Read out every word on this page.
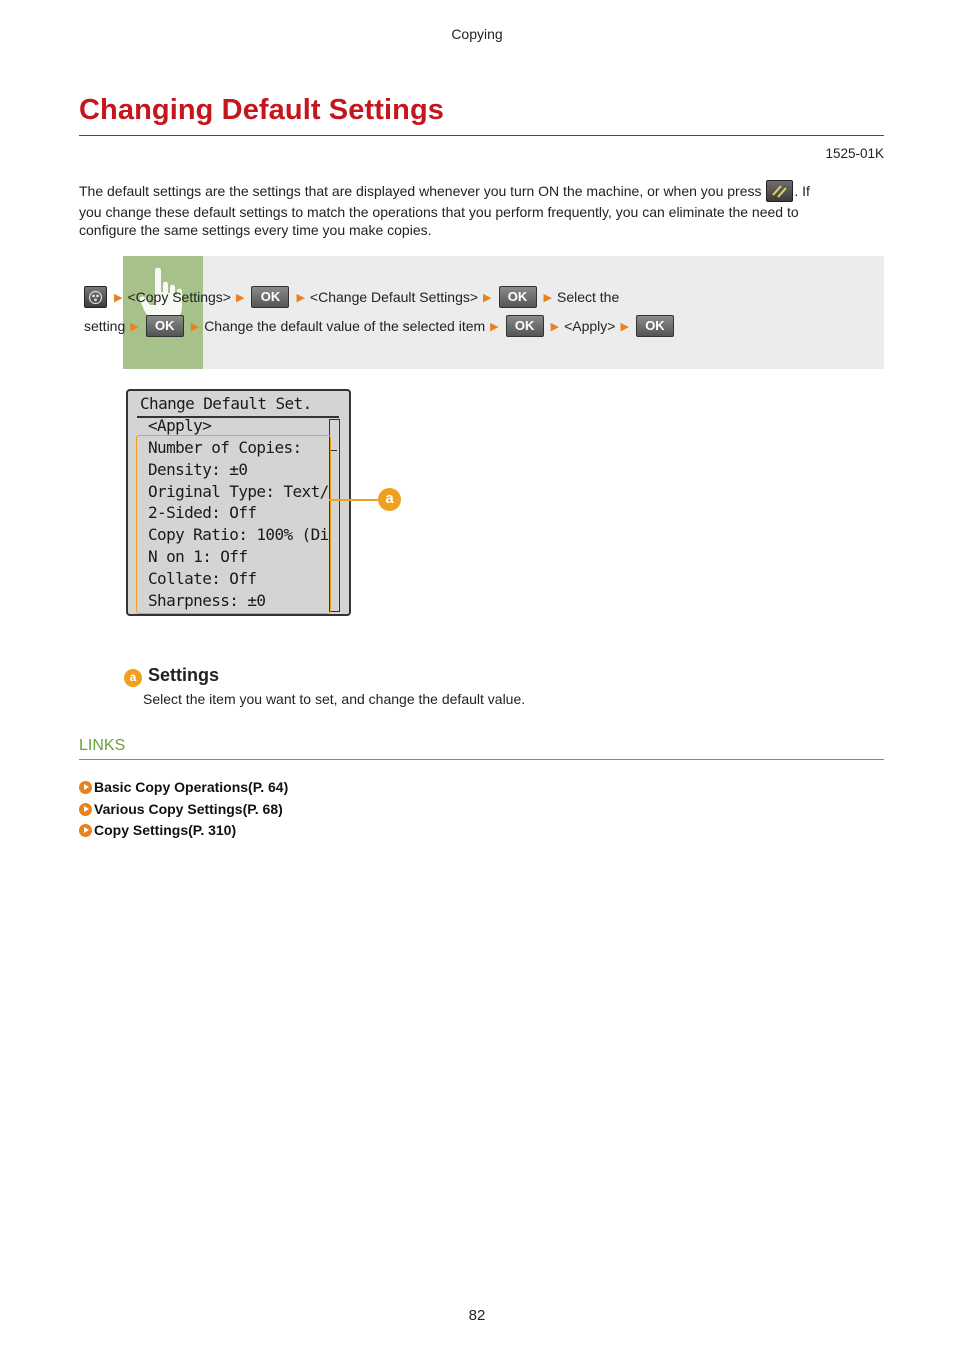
Copying
Changing Default Settings
1525-01K
The default settings are the settings that are displayed whenever you turn ON the machine, or when you press . If
you change these default settings to match the operations that you perform frequently, you can eliminate the need to
configure the same settings every time you make copies.
▶ <Copy Settings> ▶	OK	▶ <Change Default Settings> ▶	OK	▶ Select the
setting ▶	OK	▶ Change the default value of the selected item ▶	OK	▶ <Apply> ▶	OK
Change Default Set.
<Apply>
Number of Copies:
Density: ±0
Original Type: Text/
2-Sided: Off
Copy Ratio: 100% (Di
N on 1: Off
Collate: Off
Sharpness: ±0
a
a Settings
Select the item you want to set, and change the default value.
LINKS
Basic Copy Operations(P. 64)
Various Copy Settings(P. 68)
Copy Settings(P. 310)
82
